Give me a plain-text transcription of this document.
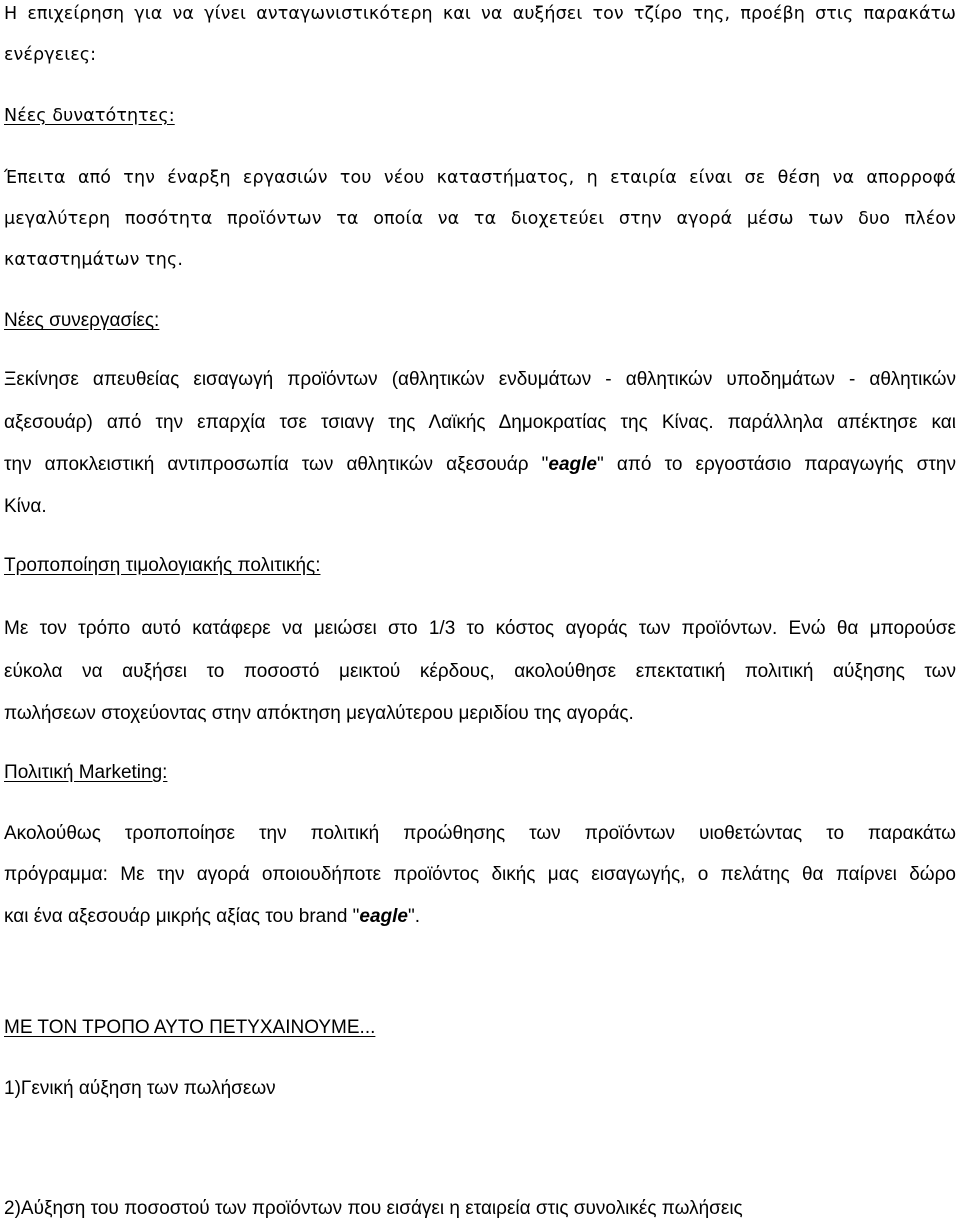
Η επιχείρηση για να γίνει ανταγωνιστικότερη και να αυξήσει τον τζίρο της, προέβη στις παρακάτω
ενέργειες:
Νέες δυνατότητες:
Έπειτα από την έναρξη εργασιών του νέου καταστήματος, η εταιρία είναι σε θέση να απορροφά
μεγαλύτερη ποσότητα προϊόντων τα οποία να τα διοχετεύει στην αγορά μέσω των δυο πλέον
καταστημάτων της.
Νέες συνεργασίες:
Ξεκίνησε απευθείας εισαγωγή προϊόντων (αθλητικών ενδυμάτων - αθλητικών υποδημάτων - αθλητικών
αξεσουάρ) από την επαρχία τσε τσιανγ της Λαϊκής Δημοκρατίας της Κίνας. παράλληλα απέκτησε και
την αποκλειστική αντιπροσωπία των αθλητικών αξεσουάρ "eagle" από το εργοστάσιο παραγωγής στην
Κίνα.
Τροποποίηση τιμολογιακής πολιτικής:
Με τον τρόπο αυτό κατάφερε να μειώσει στο 1/3 το κόστος αγοράς των προϊόντων. Ενώ θα μπορούσε
εύκολα να αυξήσει το ποσοστό μεικτού κέρδους, ακολούθησε επεκτατική πολιτική αύξησης των
πωλήσεων στοχεύοντας στην απόκτηση μεγαλύτερου μεριδίου της αγοράς.
Πολιτική Marketing:
Ακολούθως τροποποίησε την πολιτική προώθησης των προϊόντων υιοθετώντας το παρακάτω
πρόγραμμα: Με την αγορά οποιουδήποτε προϊόντος δικής μας εισαγωγής, ο πελάτης θα παίρνει δώρο
και ένα αξεσουάρ μικρής αξίας του brand "eagle".
ΜΕ ΤΟΝ ΤΡΟΠΟ ΑΥΤΟ ΠΕΤΥΧΑΙΝΟΥΜΕ...
1)Γενική αύξηση των πωλήσεων
2)Αύξηση του ποσοστού των προϊόντων που εισάγει η εταιρεία στις συνολικές πωλήσεις
